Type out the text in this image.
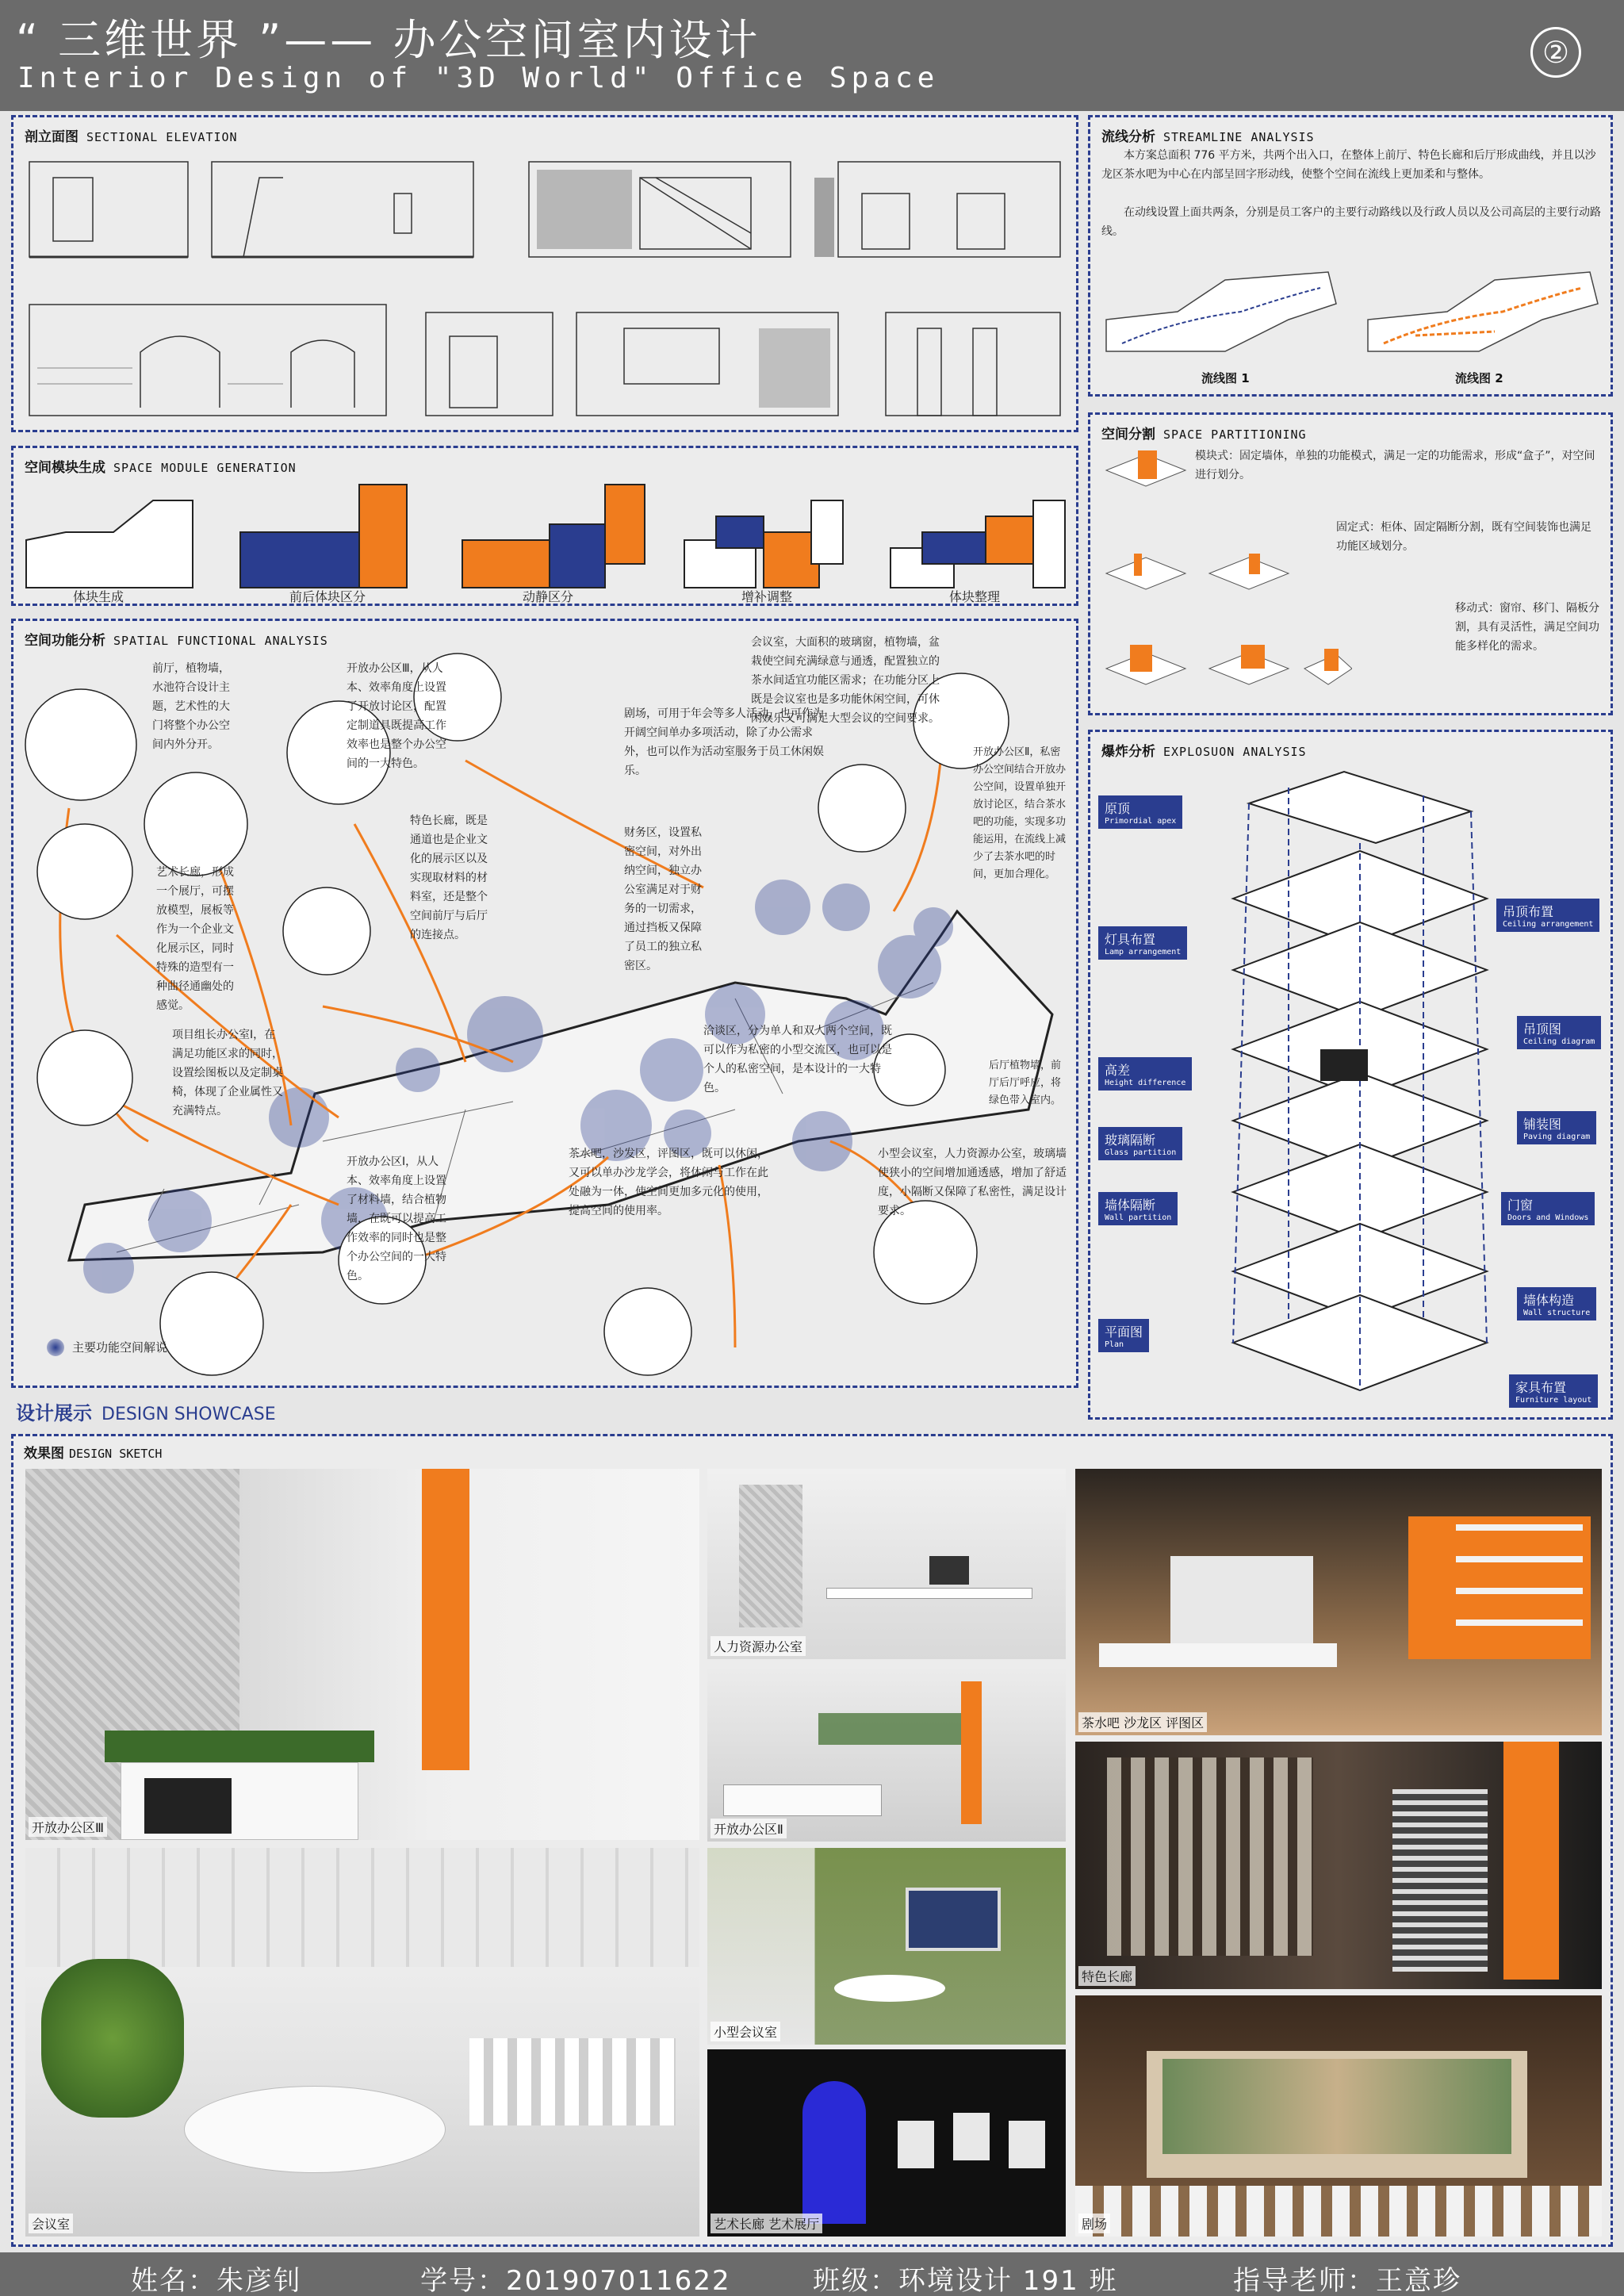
“ 三维世界 ”—— 办公空间室内设计
Interior Design of "3D World" Office Space
②
剖立面图 SECTIONAL ELEVATION	流线分析 STREAMLINE ANALYSIS
本方案总面积 776 平方米，共两个出入口，在整体上前厅、特色长廊和后厅形成曲线，并且以沙龙区茶水吧为中心在内部呈回字形动线，使整个空间在流线上更加柔和与整体。
在动线设置上面共两条，分别是员工客户的主要行动路线以及行政人员以及公司高层的主要行动路线。
流线图 1	流线图 2
空间模块生成 SPACE MODULE GENERATION
体块生成	前后体块区分	动静区分	增补调整	体块整理
空间分割 SPACE PARTITIONING
模块式：固定墙体，单独的功能模式，满足一定的功能需求，形成“盒子”，对空间进行划分。
固定式：柜体、固定隔断分割，既有空间装饰也满足功能区域划分。
移动式：窗帘、移门、隔板分割，具有灵活性，满足空间功能多样化的需求。
空间功能分析 SPATIAL FUNCTIONAL ANALYSIS
前厅，植物墙，水池符合设计主题，艺术性的大门将整个办公空间内外分开。
开放办公区Ⅲ，从人本、效率角度上设置了开放讨论区，配置定制道具既提高工作效率也是整个办公空间的一大特色。
会议室，大面积的玻璃窗，植物墙，盆栽使空间充满绿意与通透，配置独立的茶水间适宜功能区需求；在功能分区上既是会议室也是多功能休闲空间，可休闲娱乐又可满足大型会议的空间要求。
剧场，可用于年会等多人活动，也可作为开阔空间单办多项活动，除了办公需求外，也可以作为活动室服务于员工休闲娱乐。
开放办公区Ⅱ，私密办公空间结合开放办公空间，设置单独开放讨论区，结合茶水吧的功能，实现多功能运用，在流线上减少了去茶水吧的时间，更加合理化。
特色长廊，既是通道也是企业文化的展示区以及实现取材料的材料室，还是整个空间前厅与后厅的连接点。
财务区，设置私密空间，对外出纳空间，独立办公室满足对于财务的一切需求，通过挡板又保障了员工的独立私密区。
艺术长廊，形成一个展厅，可摆放模型，展板等作为一个企业文化展示区，同时特殊的造型有一种曲径通幽处的感觉。
项目组长办公室Ⅰ，在满足功能区求的同时，设置绘图板以及定制桌椅，体现了企业属性又充满特点。
洽谈区，分为单人和双人两个空间，既可以作为私密的小型交流区，也可以是个人的私密空间，是本设计的一大特色。
后厅植物墙，前厅后厅呼应，将绿色带入室内。
开放办公区Ⅰ，从人本、效率角度上设置了材料墙，结合植物墙，在既可以提高工作效率的同时也是整个办公空间的一大特色。
茶水吧，沙发区，评图区，既可以休闲，又可以单办沙龙学会，将休闲与工作在此处融为一体，使空间更加多元化的使用，提高空间的使用率。
小型会议室，人力资源办公室，玻璃墙使狭小的空间增加通透感，增加了舒适度，小隔断又保障了私密性，满足设计要求。
主要功能空间解说
爆炸分析 EXPLOSUON ANALYSIS
原顶
Primordial apex
灯具布置
Lamp arrangement
高差
Height difference
玻璃隔断
Glass partition
墙体隔断
Wall partition
平面图
Plan
吊顶布置
Ceiling arrangement
吊顶图
Ceiling diagram
铺装图
Paving diagram
门窗
Doors and Windows
墙体构造
Wall structure
家具布置
Furniture layout
设计展示 DESIGN SHOWCASE
效果图 DESIGN SKETCH
开放办公区Ⅲ
人力资源办公室
开放办公区Ⅱ
茶水吧 沙龙区 评图区
特色长廊
会议室
小型会议室
艺术长廊 艺术展厅	剧场
姓名：朱彦钊	学号：201907011622	班级：环境设计 191 班	指导老师：王意珍
